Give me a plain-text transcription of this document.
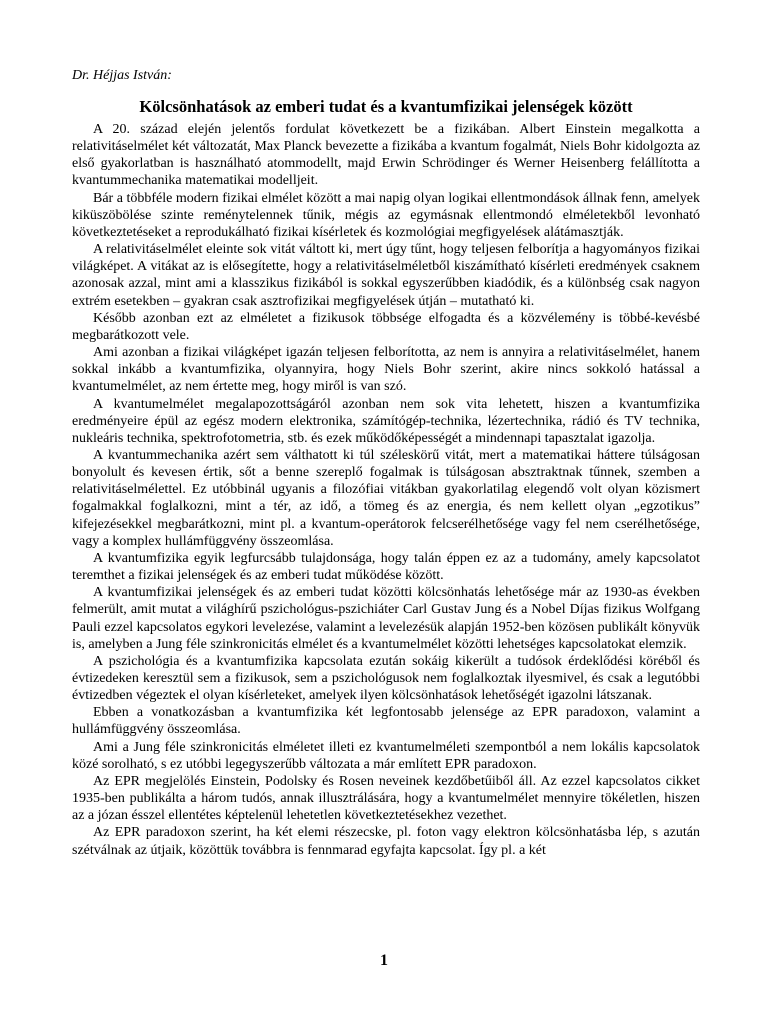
Dr. Héjjas István:
Kölcsönhatások az emberi tudat és a kvantumfizikai jelenségek között

A 20. század elején jelentős fordulat következett be a fizikában. Albert Einstein megalkotta a relativitáselmélet két változatát, Max Planck bevezette a fizikába a kvantum fogalmát, Niels Bohr kidolgozta az első gyakorlatban is használható atommodellt, majd Erwin Schrödinger és Werner Heisenberg felállította a kvantummechanika matematikai modelljeit.

Bár a többféle modern fizikai elmélet között a mai napig olyan logikai ellentmondások állnak fenn, amelyek kiküszöbölése szinte reménytelennek tűnik, mégis az egymásnak ellentmondó elméletekből levonható következtetéseket a reprodukálható fizikai kísérletek és kozmológiai megfigyelések alátámasztják.

A relativitáselmélet eleinte sok vitát váltott ki, mert úgy tűnt, hogy teljesen felborítja a hagyományos fizikai világképet. A vitákat az is elősegítette, hogy a relativitáselméletből kiszámítható kísérleti eredmények csaknem azonosak azzal, mint ami a klasszikus fizikából is sokkal egyszerűbben kiadódik, és a különbség csak nagyon extrém esetekben – gyakran csak asztrofizikai megfigyelések útján – mutatható ki.

Később azonban ezt az elméletet a fizikusok többsége elfogadta és a közvélemény is többé-kevésbé megbarátkozott vele.

Ami azonban a fizikai világképet igazán teljesen felborította, az nem is annyira a relativitáselmélet, hanem sokkal inkább a kvantumfizika, olyannyira, hogy Niels Bohr szerint, akire nincs sokkoló hatással a kvantumelmélet, az nem értette meg, hogy miről is van szó.

A kvantumelmélet megalapozottságáról azonban nem sok vita lehetett, hiszen a kvantumfizika eredményeire épül az egész modern elektronika, számítógép-technika, lézertechnika, rádió és TV technika, nukleáris technika, spektrofotometria, stb. és ezek működőképességét a mindennapi tapasztalat igazolja.

A kvantummechanika azért sem válthatott ki túl széleskörű vitát, mert a matematikai háttere túlságosan bonyolult és kevesen értik, sőt a benne szereplő fogalmak is túlságosan absztraktnak tűnnek, szemben a relativitáselmélettel. Ez utóbbinál ugyanis a filozófiai vitákban gyakorlatilag elegendő volt olyan közismert fogalmakkal foglalkozni, mint a tér, az idő, a tömeg és az energia, és nem kellett olyan „egzotikus” kifejezésekkel megbarátkozni, mint pl. a kvantum-operátorok felcserélhetősége vagy fel nem cserélhetősége, vagy a komplex hullámfüggvény összeomlása.

A kvantumfizika egyik legfurcsább tulajdonsága, hogy talán éppen ez az a tudomány, amely kapcsolatot teremthet a fizikai jelenségek és az emberi tudat működése között.

A kvantumfizikai jelenségek és az emberi tudat közötti kölcsönhatás lehetősége már az 1930-as években felmerült, amit mutat a világhírű pszichológus-pszichiáter Carl Gustav Jung és a Nobel Díjas fizikus Wolfgang Pauli ezzel kapcsolatos egykori levelezése, valamint a levelezésük alapján 1952-ben közösen publikált könyvük is, amelyben a Jung féle szinkronicitás elmélet és a kvantumelmélet közötti lehetséges kapcsolatokat elemzik.

A pszichológia és a kvantumfizika kapcsolata ezután sokáig kikerült a tudósok érdeklődési köréből és évtizedeken keresztül sem a fizikusok, sem a pszichológusok nem foglalkoztak ilyesmivel, és csak a legutóbbi évtizedben végeztek el olyan kísérleteket, amelyek ilyen kölcsönhatások lehetőségét igazolni látszanak.

Ebben a vonatkozásban a kvantumfizika két legfontosabb jelensége az EPR paradoxon, valamint a hullámfüggvény összeomlása.

Ami a Jung féle szinkronicitás elméletet illeti ez kvantumelméleti szempontból a nem lokális kapcsolatok közé sorolható, s ez utóbbi legegyszerűbb változata a már említett EPR paradoxon.

Az EPR megjelölés Einstein, Podolsky és Rosen neveinek kezdőbetűiből áll. Az ezzel kapcsolatos cikket 1935-ben publikálta a három tudós, annak illusztrálására, hogy a kvantumelmélet mennyire tökéletlen, hiszen az a józan ésszel ellentétes képtelenül lehetetlen következtetésekhez vezethet.

Az EPR paradoxon szerint, ha két elemi részecske, pl. foton vagy elektron kölcsönhatásba lép, s azután szétválnak az útjaik, közöttük továbbra is fennmarad egyfajta kapcsolat. Így pl. a két

1
